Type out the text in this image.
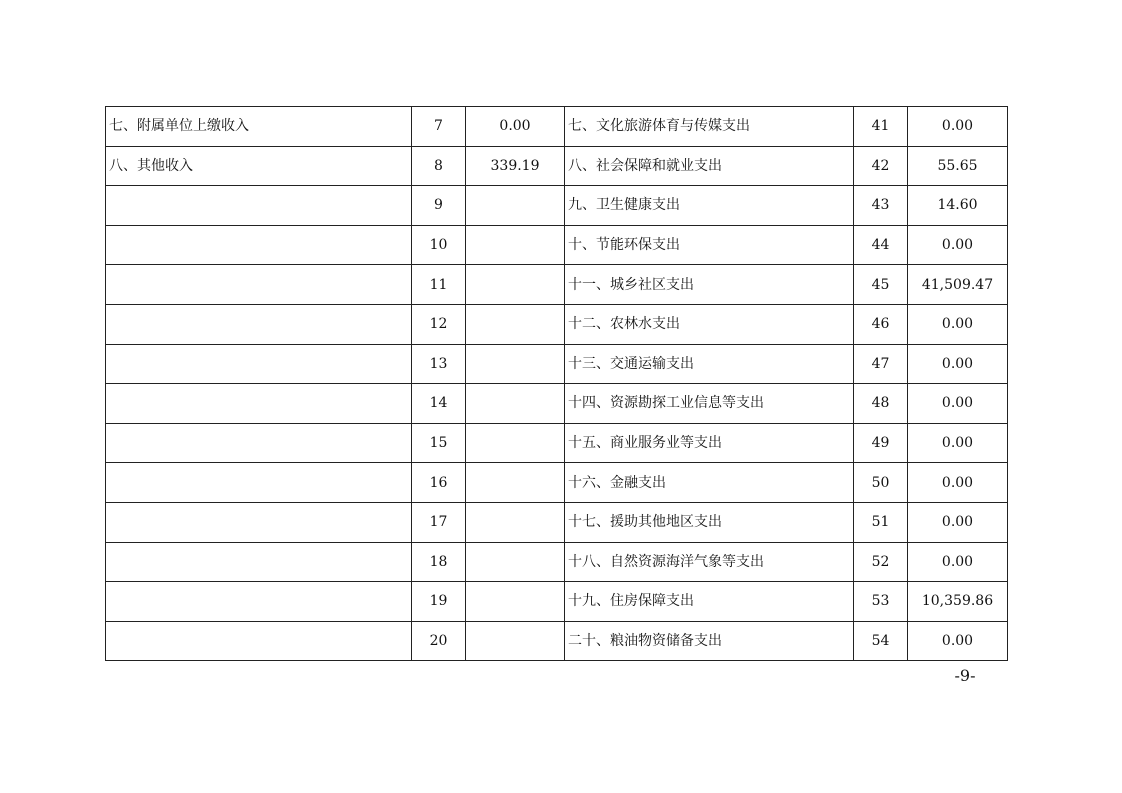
七、附属单位上缴收入	7	0.00	七、文化旅游体育与传媒支出	41	0.00
八、其他收入	8	339.19	八、社会保障和就业支出	42	55.65
	9		九、卫生健康支出	43	14.60
	10		十、节能环保支出	44	0.00
	11		十一、城乡社区支出	45	41,509.47
	12		十二、农林水支出	46	0.00
	13		十三、交通运输支出	47	0.00
	14		十四、资源勘探工业信息等支出	48	0.00
	15		十五、商业服务业等支出	49	0.00
	16		十六、金融支出	50	0.00
	17		十七、援助其他地区支出	51	0.00
	18		十八、自然资源海洋气象等支出	52	0.00
	19		十九、住房保障支出	53	10,359.86
	20		二十、粮油物资储备支出	54	0.00
-9-
